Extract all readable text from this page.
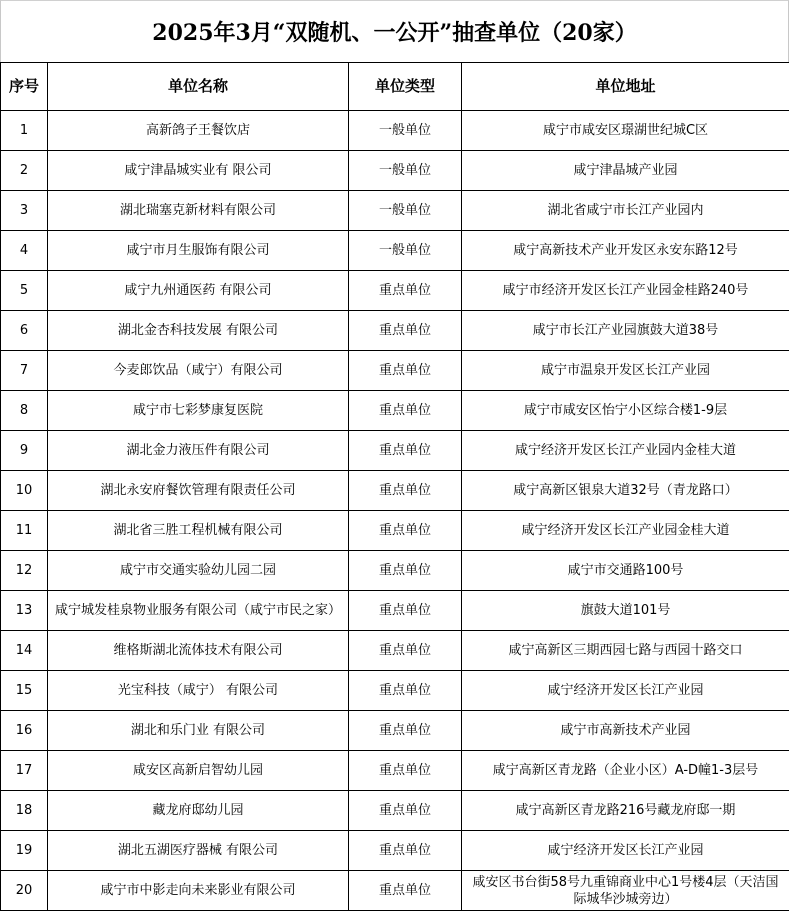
2025年3月“双随机、一公开”抽查单位（20家）
序号	单位名称	单位类型	单位地址
1	高新鸽子王餐饮店	一般单位	咸宁市咸安区璟湖世纪城C区
2	咸宁津晶城实业有 限公司	一般单位	咸宁津晶城产业园
3	湖北瑞塞克新材料有限公司	一般单位	湖北省咸宁市长江产业园内
4	咸宁市月生服饰有限公司	一般单位	咸宁高新技术产业开发区永安东路12号
5	咸宁九州通医药 有限公司	重点单位	咸宁市经济开发区长江产业园金桂路240号
6	湖北金杏科技发展 有限公司	重点单位	咸宁市长江产业园旗鼓大道38号
7	今麦郎饮品（咸宁）有限公司	重点单位	咸宁市温泉开发区长江产业园
8	咸宁市七彩梦康复医院	重点单位	咸宁市咸安区怡宁小区综合楼1-9层
9	湖北金力液压件有限公司	重点单位	咸宁经济开发区长江产业园内金桂大道
10	湖北永安府餐饮管理有限责任公司	重点单位	咸宁高新区银泉大道32号（青龙路口）
11	湖北省三胜工程机械有限公司	重点单位	咸宁经济开发区长江产业园金桂大道
12	咸宁市交通实验幼儿园二园	重点单位	咸宁市交通路100号
13	咸宁城发桂泉物业服务有限公司（咸宁市民之家）	重点单位	旗鼓大道101号
14	维格斯湖北流体技术有限公司	重点单位	咸宁高新区三期西园七路与西园十路交口
15	光宝科技（咸宁） 有限公司	重点单位	咸宁经济开发区长江产业园
16	湖北和乐门业 有限公司	重点单位	咸宁市高新技术产业园
17	咸安区高新启智幼儿园	重点单位	咸宁高新区青龙路（企业小区）A-D幢1-3层号
18	藏龙府邸幼儿园	重点单位	咸宁高新区青龙路216号藏龙府邸一期
19	湖北五湖医疗器械 有限公司	重点单位	咸宁经济开发区长江产业园
20	咸宁市中影走向未来影业有限公司	重点单位	咸安区书台街58号九重锦商业中心1号楼4层（天洁国际城华沙城旁边）
